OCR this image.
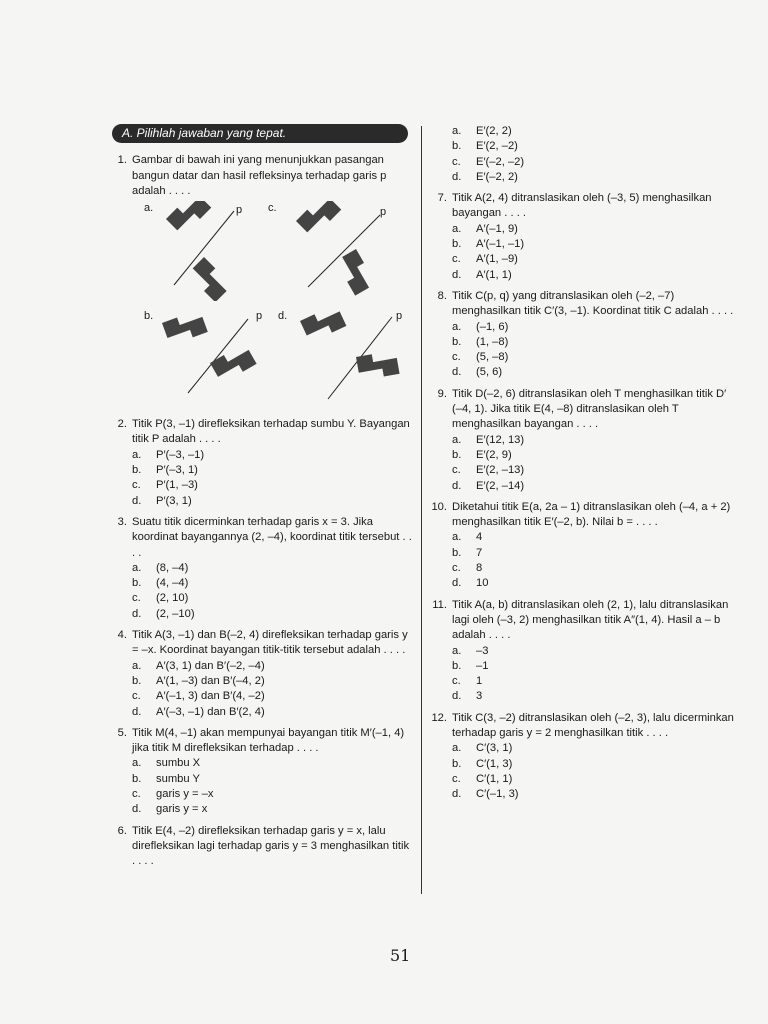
A. Pilihlah jawaban yang tepat.
1. Gambar di bawah ini yang menunjukkan pasangan bangun datar dan hasil refleksinya terhadap garis p adalah . . . .
a.	p c.	p
b.	p d.	p
2. Titik P(3, –1) direfleksikan terhadap sumbu Y. Bayangan titik P adalah . . . .
a.	P′(–3, –1)
b.	P′(–3, 1)
c.	P′(1, –3)
d.	P′(3, 1)
3. Suatu titik dicerminkan terhadap garis x = 3. Jika koordinat bayangannya (2, –4), koordinat titik tersebut . . . .
a.	(8, –4)
b.	(4, –4)
c.	(2, 10)
d.	(2, –10)
4. Titik A(3, –1) dan B(–2, 4) direfleksikan terhadap garis y = –x. Koordinat bayangan titik-titik tersebut adalah . . . .
a.	A′(3, 1) dan B′(–2, –4)
b.	A′(1, –3) dan B′(–4, 2)
c.	A′(–1, 3) dan B′(4, –2)
d.	A′(–3, –1) dan B′(2, 4)
5. Titik M(4, –1) akan mempunyai bayangan titik M′(–1, 4) jika titik M direfleksikan terhadap . . . .
a.	sumbu X
b.	sumbu Y
c.	garis y = –x
d.	garis y = x
6. Titik E(4, –2) direfleksikan terhadap garis y = x, lalu direfleksikan lagi terhadap garis y = 3 menghasilkan titik . . . .
a.	E′(2, 2)
b.	E′(2, –2)
c.	E′(–2, –2)
d.	E′(–2, 2)
7. Titik A(2, 4) ditranslasikan oleh (–3, 5) menghasilkan bayangan . . . .
a.	A′(–1, 9)
b.	A′(–1, –1)
c.	A′(1, –9)
d.	A′(1, 1)
8. Titik C(p, q) yang ditranslasikan oleh (–2, –7) menghasilkan titik C′(3, –1). Koordinat titik C adalah . . . .
a.	(–1, 6)
b.	(1, –8)
c.	(5, –8)
d.	(5, 6)
9. Titik D(–2, 6) ditranslasikan oleh T menghasilkan titik D′(–4, 1). Jika titik E(4, –8) ditranslasikan oleh T menghasilkan bayangan . . . .
a.	E′(12, 13)
b.	E′(2, 9)
c.	E′(2, –13)
d.	E′(2, –14)
10. Diketahui titik E(a, 2a – 1) ditranslasikan oleh (–4, a + 2) menghasilkan titik E′(–2, b). Nilai b = . . . .
a.	4
b.	7
c.	8
d.	10
11. Titik A(a, b) ditranslasikan oleh (2, 1), lalu ditranslasikan lagi oleh (–3, 2) menghasilkan titik A″(1, 4). Hasil a – b adalah . . . .
a.	–3
b.	–1
c.	1
d.	3
12. Titik C(3, –2) ditranslasikan oleh (–2, 3), lalu dicerminkan terhadap garis y = 2 menghasilkan titik . . . .
a.	C′(3, 1)
b.	C′(1, 3)
c.	C′(1, 1)
d.	C′(–1, 3)
51
